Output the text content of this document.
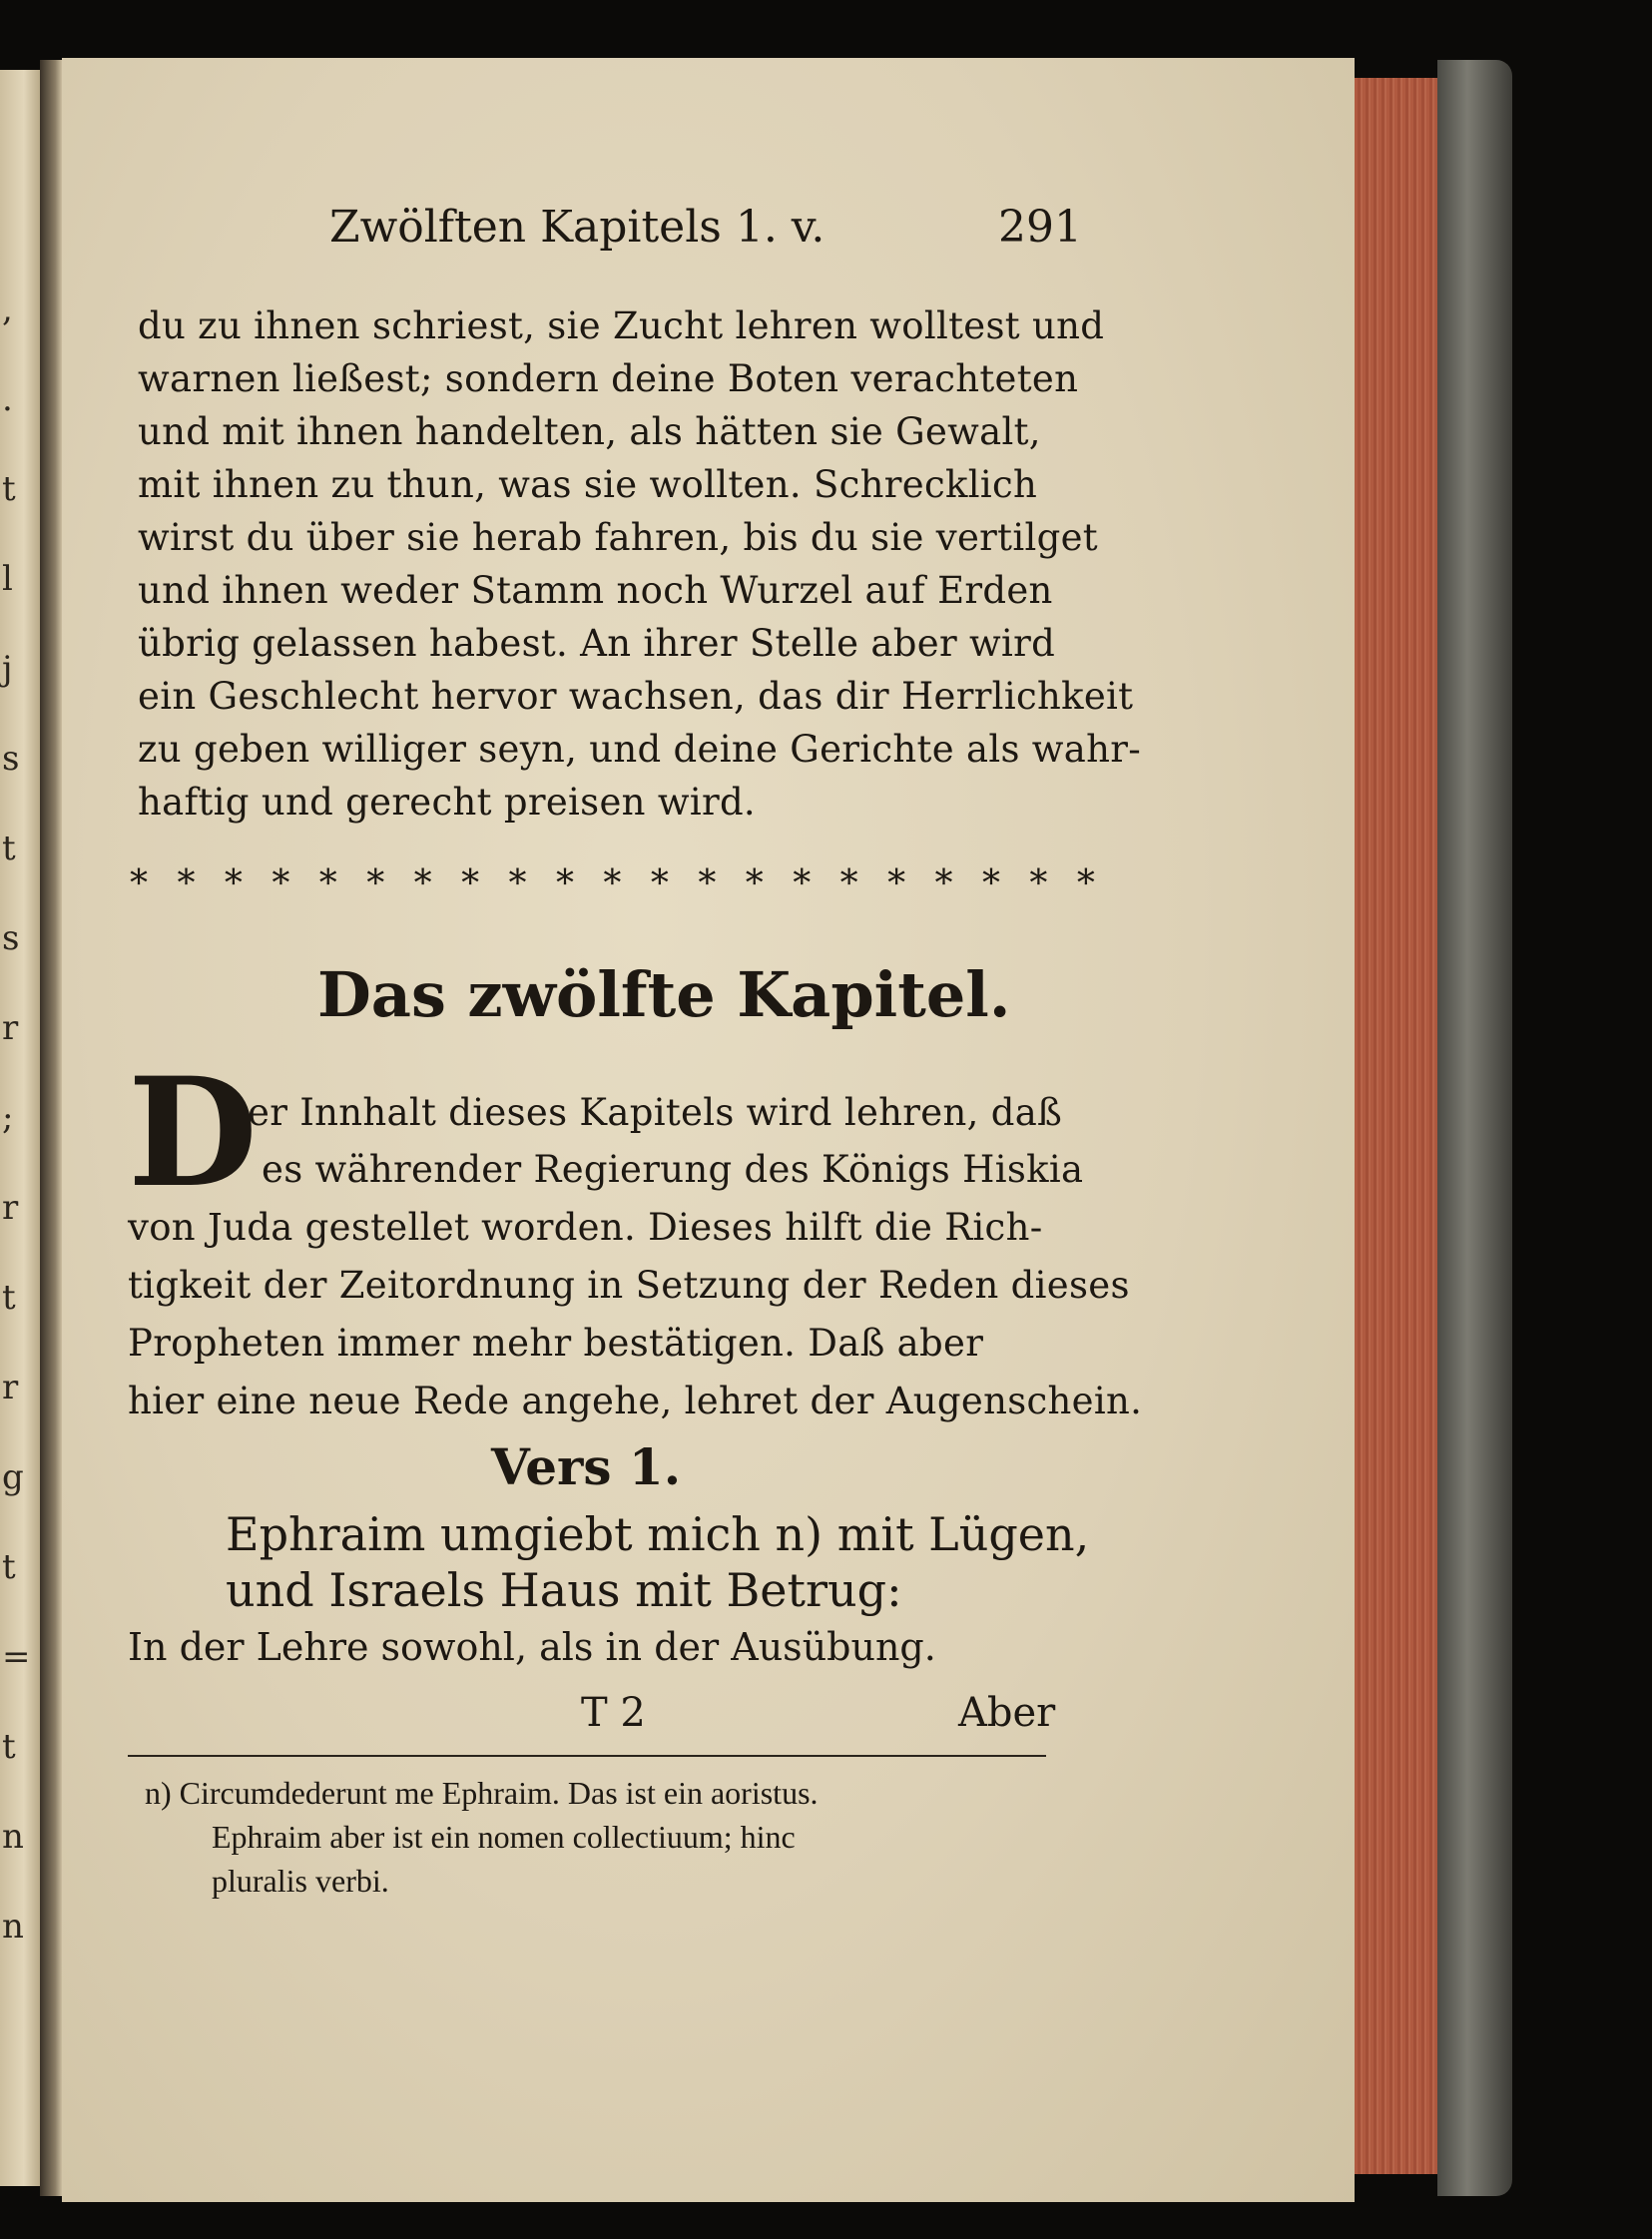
,
.
t
l
j
s
t
s
r
;
r
t
r
g
t
=
t
n
n
Zwölften Kapitels 1. v.	291
du zu ihnen schriest, sie Zucht lehren wolltest und
warnen ließest; sondern deine Boten verachteten
und mit ihnen handelten, als hätten sie Gewalt,
mit ihnen zu thun, was sie wollten. Schrecklich
wirst du über sie herab fahren, bis du sie vertilget
und ihnen weder Stamm noch Wurzel auf Erden
übrig gelassen habest. An ihrer Stelle aber wird
ein Geschlecht hervor wachsen, das dir Herrlichkeit
zu geben williger seyn, und deine Gerichte als wahr-
haftig und gerecht preisen wird.
* * * * * * * * * * * * * * * * * * * * *
Das zwölfte Kapitel.
D
er Innhalt dieses Kapitels wird lehren, daß
es währender Regierung des Königs Hiskia
von Juda gestellet worden. Dieses hilft die Rich-
tigkeit der Zeitordnung in Setzung der Reden dieses
Propheten immer mehr bestätigen. Daß aber
hier eine neue Rede angehe, lehret der Augenschein.
Vers 1.
Ephraim umgiebt mich n) mit Lügen,
und Israels Haus mit Betrug:
In der Lehre sowohl, als in der Ausübung.
T 2	Aber
n) Circumdederunt me Ephraim. Das ist ein aoristus.
Ephraim aber ist ein nomen collectiuum; hinc
pluralis verbi.
